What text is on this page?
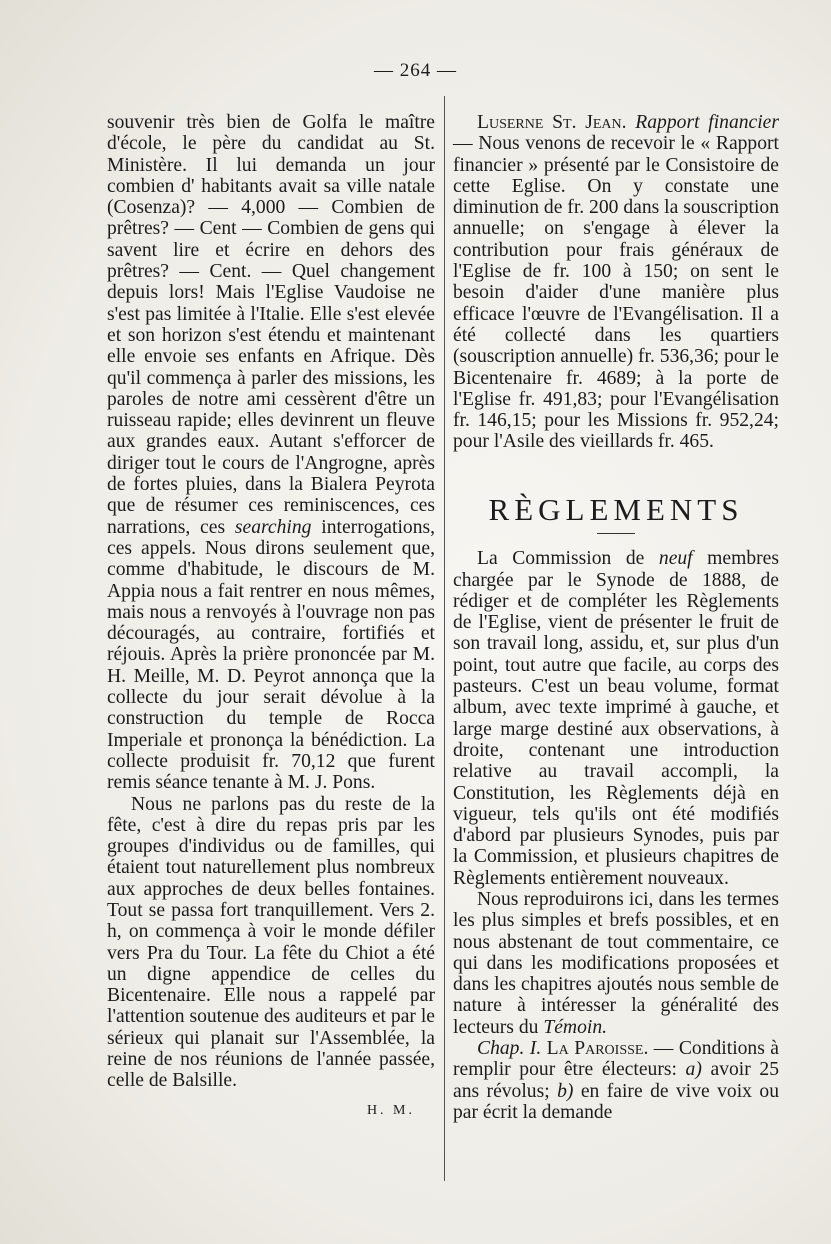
— 264 —

souvenir très bien de Golfa le maître d'école, le père du candidat au St. Ministère. Il lui demanda un jour combien d' habitants avait sa ville natale (Cosenza)? — 4,000 — Combien de prêtres? — Cent — Combien de gens qui savent lire et écrire en dehors des prêtres? — Cent. — Quel changement depuis lors! Mais l'Eglise Vaudoise ne s'est pas limitée à l'Italie. Elle s'est elevée et son horizon s'est étendu et maintenant elle envoie ses enfants en Afrique. Dès qu'il commença à parler des missions, les paroles de notre ami cessèrent d'être un ruisseau rapide; elles devinrent un fleuve aux grandes eaux. Autant s'efforcer de diriger tout le cours de l'Angrogne, après de fortes pluies, dans la Bialera Peyrota que de résumer ces reminiscences, ces narrations, ces searching interrogations, ces appels. Nous dirons seulement que, comme d'habitude, le discours de M. Appia nous a fait rentrer en nous mêmes, mais nous a renvoyés à l'ouvrage non pas découragés, au contraire, fortifiés et réjouis. Après la prière prononcée par M. H. Meille, M. D. Peyrot annonça que la collecte du jour serait dévolue à la construction du temple de Rocca Imperiale et prononça la bénédiction. La collecte produisit fr. 70,12 que furent remis séance tenante à M. J. Pons.

Nous ne parlons pas du reste de la fête, c'est à dire du repas pris par les groupes d'individus ou de familles, qui étaient tout naturellement plus nombreux aux approches de deux belles fontaines. Tout se passa fort tranquillement. Vers 2. h, on commença à voir le monde défiler vers Pra du Tour. La fête du Chiot a été un digne appendice de celles du Bicentenaire. Elle nous a rappelé par l'attention soutenue des auditeurs et par le sérieux qui planait sur l'Assemblée, la reine de nos réunions de l'année passée, celle de Balsille.

H. M.

Luserne St. Jean. Rapport financier — Nous venons de recevoir le « Rapport financier » présenté par le Consistoire de cette Eglise. On y constate une diminution de fr. 200 dans la souscription annuelle; on s'engage à élever la contribution pour frais généraux de l'Eglise de fr. 100 à 150; on sent le besoin d'aider d'une manière plus efficace l'œuvre de l'Evangélisation. Il a été collecté dans les quartiers (souscription annuelle) fr. 536,36; pour le Bicentenaire fr. 4689; à la porte de l'Eglise fr. 491,83; pour l'Evangélisation fr. 146,15; pour les Missions fr. 952,24; pour l'Asile des vieillards fr. 465.

RÈGLEMENTS

La Commission de neuf membres chargée par le Synode de 1888, de rédiger et de compléter les Règlements de l'Eglise, vient de présenter le fruit de son travail long, assidu, et, sur plus d'un point, tout autre que facile, au corps des pasteurs. C'est un beau volume, format album, avec texte imprimé à gauche, et large marge destiné aux observations, à droite, contenant une introduction relative au travail accompli, la Constitution, les Règlements déjà en vigueur, tels qu'ils ont été modifiés d'abord par plusieurs Synodes, puis par la Commission, et plusieurs chapitres de Règlements entièrement nouveaux.

Nous reproduirons ici, dans les termes les plus simples et brefs possibles, et en nous abstenant de tout commentaire, ce qui dans les modifications proposées et dans les chapitres ajoutés nous semble de nature à intéresser la généralité des lecteurs du Témoin.

Chap. I. La Paroisse. — Conditions à remplir pour être électeurs: a) avoir 25 ans révolus; b) en faire de vive voix ou par écrit la demande
